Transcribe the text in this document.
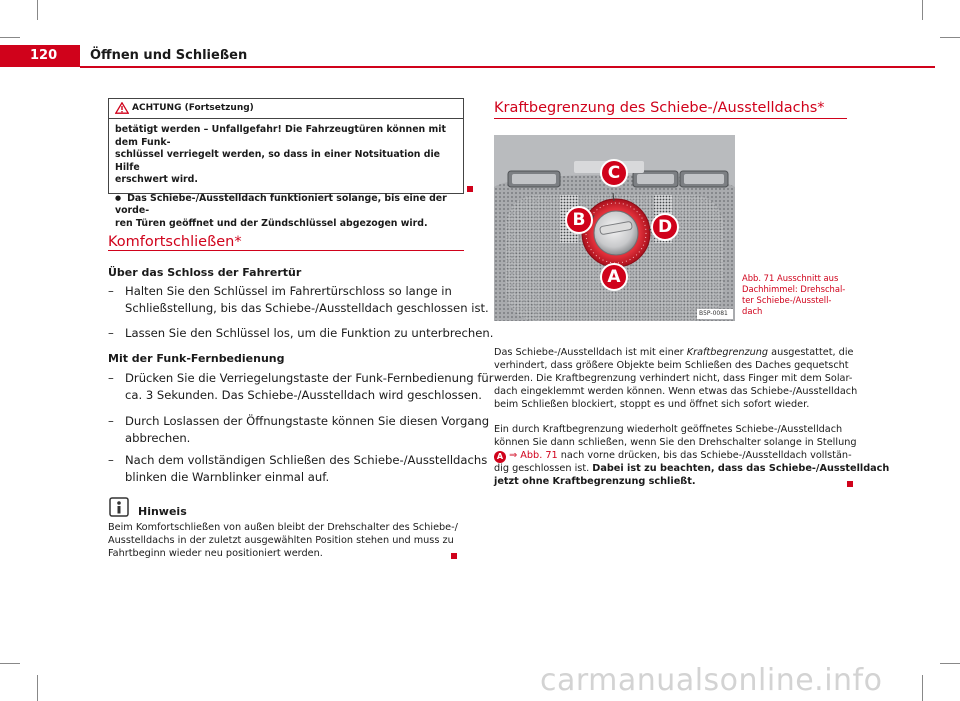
120	Öffnen und Schließen
ACHTUNG (Fortsetzung)

betätigt werden – Unfallgefahr! Die Fahrzeugtüren können mit dem Funk-
schlüssel verriegelt werden, so dass in einer Notsituation die Hilfe
erschwert wird.

● Das Schiebe-/Ausstelldach funktioniert solange, bis eine der vorde-
ren Türen geöffnet und der Zündschlüssel abgezogen wird.

Komfortschließen*
Über das Schloss der Fahrertür
– Halten Sie den Schlüssel im Fahrertürschloss so lange in
Schließstellung, bis das Schiebe-/Ausstelldach geschlossen ist.
– Lassen Sie den Schlüssel los, um die Funktion zu unterbrechen.
Mit der Funk-Fernbedienung
– Drücken Sie die Verriegelungstaste der Funk-Fernbedienung für
ca. 3 Sekunden. Das Schiebe-/Ausstelldach wird geschlossen.
– Durch Loslassen der Öffnungstaste können Sie diesen Vorgang
abbrechen.
– Nach dem vollständigen Schließen des Schiebe-/Ausstelldachs
blinken die Warnblinker einmal auf.
Hinweis
Beim Komfortschließen von außen bleibt der Drehschalter des Schiebe-/
Ausstelldachs in der zuletzt ausgewählten Position stehen und muss zu
Fahrtbeginn wieder neu positioniert werden.
Kraftbegrenzung des Schiebe-/Ausstelldachs*
C
B	D
A
B5P-0081
Abb. 71 Ausschnitt aus
Dachhimmel: Drehschal-
ter Schiebe-/Ausstell-
dach
Das Schiebe-/Ausstelldach ist mit einer Kraftbegrenzung ausgestattet, die
verhindert, dass größere Objekte beim Schließen des Daches gequetscht
werden. Die Kraftbegrenzung verhindert nicht, dass Finger mit dem Solar-
dach eingeklemmt werden können. Wenn etwas das Schiebe-/Ausstelldach
beim Schließen blockiert, stoppt es und öffnet sich sofort wieder.
Ein durch Kraftbegrenzung wiederholt geöffnetes Schiebe-/Ausstelldach
können Sie dann schließen, wenn Sie den Drehschalter solange in Stellung
A ⇒ Abb. 71 nach vorne drücken, bis das Schiebe-/Ausstelldach vollstän-
dig geschlossen ist. Dabei ist zu beachten, dass das Schiebe-/Ausstelldach
jetzt ohne Kraftbegrenzung schließt.
carmanualsonline.info
